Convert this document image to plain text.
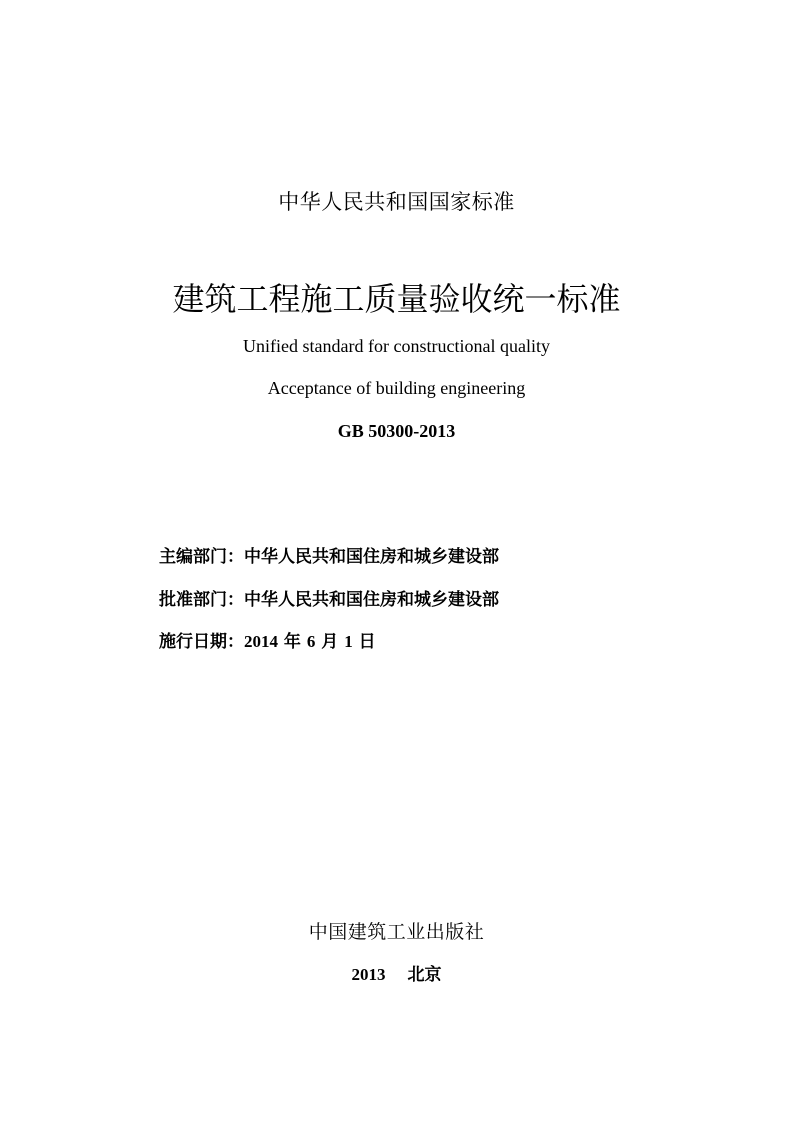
中华人民共和国国家标准
建筑工程施工质量验收统一标准
Unified standard for constructional quality
Acceptance of building engineering
GB 50300-2013
主编部门：中华人民共和国住房和城乡建设部
批准部门：中华人民共和国住房和城乡建设部
施行日期：2014 年 6 月 1 日
中国建筑工业出版社
2013 北京
